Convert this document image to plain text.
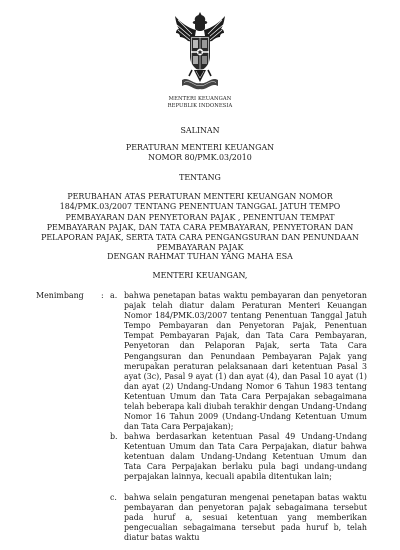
MENTERI KEUANGAN
REPUBLIK INDONESIA
SALINAN
PERATURAN MENTERI KEUANGAN
NOMOR 80/PMK.03/2010
TENTANG
PERUBAHAN ATAS PERATURAN MENTERI KEUANGAN NOMOR 184/PMK.03/2007 TENTANG PENENTUAN TANGGAL JATUH TEMPO PEMBAYARAN DAN PENYETORAN PAJAK , PENENTUAN TEMPAT PEMBAYARAN PAJAK, DAN TATA CARA PEMBAYARAN, PENYETORAN DAN PELAPORAN PAJAK, SERTA TATA CARA PENGANGSURAN DAN PENUNDAAN PEMBAYARAN PAJAK
DENGAN RAHMAT TUHAN YANG MAHA ESA
MENTERI KEUANGAN,
Menimbang : a. bahwa penetapan batas waktu pembayaran dan penyetoran pajak telah diatur dalam Peraturan Menteri Keuangan Nomor 184/PMK.03/2007 tentang Penentuan Tanggal Jatuh Tempo Pembayaran dan Penyetoran Pajak, Penentuan Tempat Pembayaran Pajak, dan Tata Cara Pembayaran, Penyetoran dan Pelaporan Pajak, serta Tata Cara Pengangsuran dan Penundaan Pembayaran Pajak yang merupakan peraturan pelaksanaan dari ketentuan Pasal 3 ayat (3c), Pasal 9 ayat (1) dan ayat (4), dan Pasal 10 ayat (1) dan ayat (2) Undang-Undang Nomor 6 Tahun 1983 tentang Ketentuan Umum dan Tata Cara Perpajakan sebagaimana telah beberapa kali diubah terakhir dengan Undang-Undang Nomor 16 Tahun 2009 (Undang-Undang Ketentuan Umum dan Tata Cara Perpajakan);
b. bahwa berdasarkan ketentuan Pasal 49 Undang-Undang Ketentuan Umum dan Tata Cara Perpajakan, diatur bahwa ketentuan dalam Undang-Undang Ketentuan Umum dan Tata Cara Perpajakan berlaku pula bagi undang-undang perpajakan lainnya, kecuali apabila ditentukan lain;
c. bahwa selain pengaturan mengenai penetapan batas waktu pembayaran dan penyetoran pajak sebagaimana tersebut pada huruf a, sesuai ketentuan yang memberikan pengecualian sebagaimana tersebut pada huruf b, telah diatur batas waktu
